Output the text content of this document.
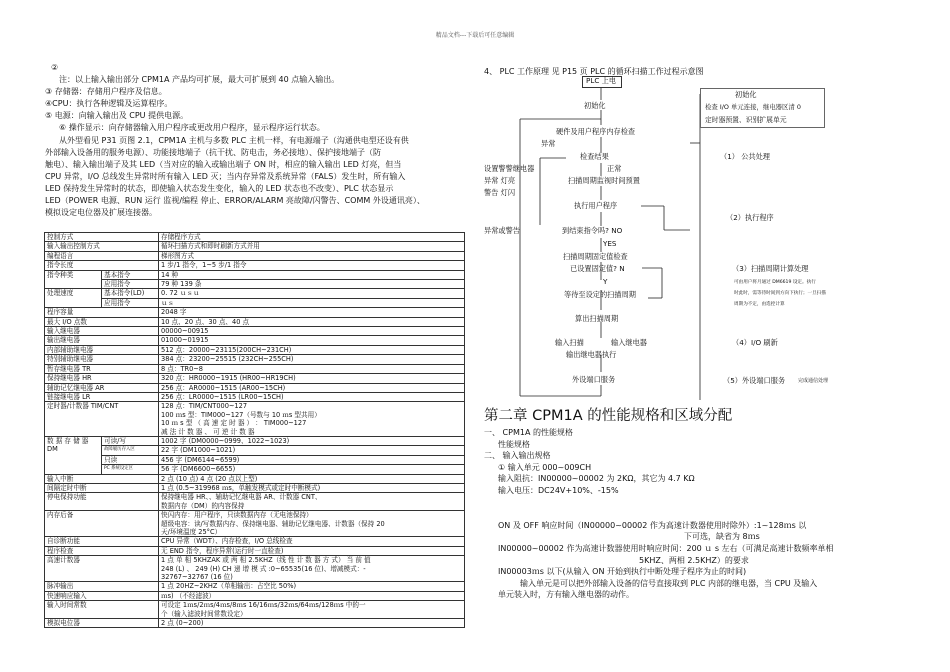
精品文档---下载后可任意编辑

②

注：以上输入输出部分 CPM1A 产品均可扩展，最大可扩展到 40 点输入输出。

③ 存储器：存储用户程序及信息。

④CPU：执行各种逻辑及运算程序。

⑤ 电源：向输入输出及 CPU 提供电源。

⑥ 操作显示：向存储器输入用户程序或更改用户程序，显示程序运行状态。

从外型看见 P31 页图 2.1，CPM1A 主机与多数 PLC 主机一样，有电源端子（沟通供电型还设有供

外部输入设备用的服务电源）、功能接地端子（抗干扰、防电击，务必接地）、保护接地端子（防

触电）、输入输出端子及其 LED（当对应的输入或输出端子 ON 时，相应的输入输出 LED 灯亮，但当

CPU 异常，I/O 总线发生异常时所有输入 LED 灭；当内存异常及系统异常（FALS）发生时，所有输入

LED 保持发生异常时的状态，即使输入状态发生变化，输入的 LED 状态也不改变）、PLC 状态显示

LED（POWER 电源、RUN 运行 监视/编程 停止、ERROR/ALARM 亮故障/闪警告、COMM 外设通讯亮）、

模拟设定电位器及扩展连接器。

控制方式		存储程序方式
输入输出控制方式		循环扫描方式和即时刷新方式并用
编程语言		梯形图方式
指令长度		1 步/1 指令，1~5 步/1 指令
指令种类	基本指令	14 种
	应用指令	79 种 139 条
处理速度	基本指令(LD)	0. 72 ｕｓｕ
	应用指令	ｕｓ
程序容量		2048 字
最大 I/O 点数		10 点、20 点、30 点、40 点
输入继电器		00000~00915
输出继电器		01000~01915
内部辅助继电器		512 点：20000~23115(200CH~231CH)
特别辅助继电器		384 点：23200~25515 (232CH~255CH)
暂存继电器 TR		8 点：TR0~8
保持继电器 HR		320 点：HR0000~1915 (HR00~HR19CH)
辅助记忆继电器 AR		256 点：AR0000~1515 (AR00~15CH)
链接继电器 LR		256 点：LR0000~1515 (LR00~15CH)
定时器/计数器 TIM/CNT		128 点：TIM/CNT000~127
100 ｍs 型：TIM000~127（号数与 10 ｍs 型共用）
10 ｍ s 型 （ 高 速 定 时 器 ） ： TIM000~127
减 法 计 数 器 、 可 逆 计 数 器
数 据 存 储 器
DM	可读/写	1002 字 (DM0000~0999、1022~1023)
	故障履历存入区	22 字 (DM1000~1021)
	只读	456 字 (DM6144~6599)
	PC 系统设定区	56 字 (DM6600~6655)
输入中断		2 点 (10 点) 4 点 (20 点以上型)
间隔定时中断		1 点 (0.5~319968 ｍs，单触发模式或定时中断模式)
停电保持功能		保持继电器 HR、、辅助记忆继电器 AR、计数器 CNT、
数据内存（DM）的内容保持
内存后备		快闪内存：用户程序，只读数据内存（无电池保持）
超级电容：读/写数据内存、保持继电器、辅助记忆继电器、计数器（保持 20
天/环境温度 25°C）
自诊断功能		CPU 异常（WDT）、内存检查，I/O 总线检查
程序检查		无 END 指令，程序异常(运行时一直检查)
高速计数器		1 点 单 相 5KHZAK 或 两 相 2.5KHZ（线 性 计 数 器 方 式） 当 前 值
248 (L) 、 249 (H) CH 递 增 模 式 :0~65535(16 位)、增减模式：-
32767~32767 (16 位)
脉冲输出		1 点 20HZ~2KHZ（单相输出：占空比 50%)
快速响应输入		ｍs) （不经滤波）
输入时间常数		可设定 1ｍs/2ｍs/4ｍs/8ｍs 16/16ｍs/32ｍs/64ｍs/128ｍs 中的一
个（输入滤波时间常数设定）
模拟电位器		2 点 (0~200)
4、 PLC 工作原理 见 P15 页 PLC 的循环扫描工作过程示意图
PLC 上电
初始化
初始化
检查 I/O 单元连接，继电器区清 0
定时器预置、识别扩展单元
硬件及用户程序内存检查
异常
检查结果
设置警警继电器	正常
异常 灯亮	扫描周期监视时间预置
警告 灯闪
执行用户程序
异常或警告	到结束指令吗? NO
YES
扫描周期固定值检查
已设置固定值? N
Y
等待至设定的扫描周期
算出扫描周期
输入扫描	输入继电器
输出继电器执行
外设端口服务
（1） 公共处理
（2）执行程序
（3）扫描周期计算处理
可由用户将月通过 DM6619 设定。执行
时此时，需等待时间到方向下执行；一旦扫描
周期为不定，由选控计算
（4）I/O 刷新
（5）外设端口服务	完成通信处理
第二章 CPM1A 的性能规格和区域分配

一、 CPM1A 的性能规格

性能规格

二、 输入输出规格

① 输入单元 000~009CH

输入阻抗：IN00000~00002 为 2KΩ，其它为 4.7 KΩ

输入电压：DC24V+10%、-15%

ON 及 OFF 响应时间（IN00000~00002 作为高速计数器使用时除外）:1~128ｍs 以

下可选，缺省为 8ｍs

IN00000~00002 作为高速计数器使用时响应时间：200 ｕ s 左右（可满足高速计数频率单相

5KHZ、两相 2.5KHZ）的要求

IN00003ｍs 以下(从输入 ON 开始到执行中断处理子程序为止的时间)

输入单元是可以把外部输入设备的信号直接取到 PLC 内部的继电器，当 CPU 及输入

单元装入时，方有输入继电器的动作。
